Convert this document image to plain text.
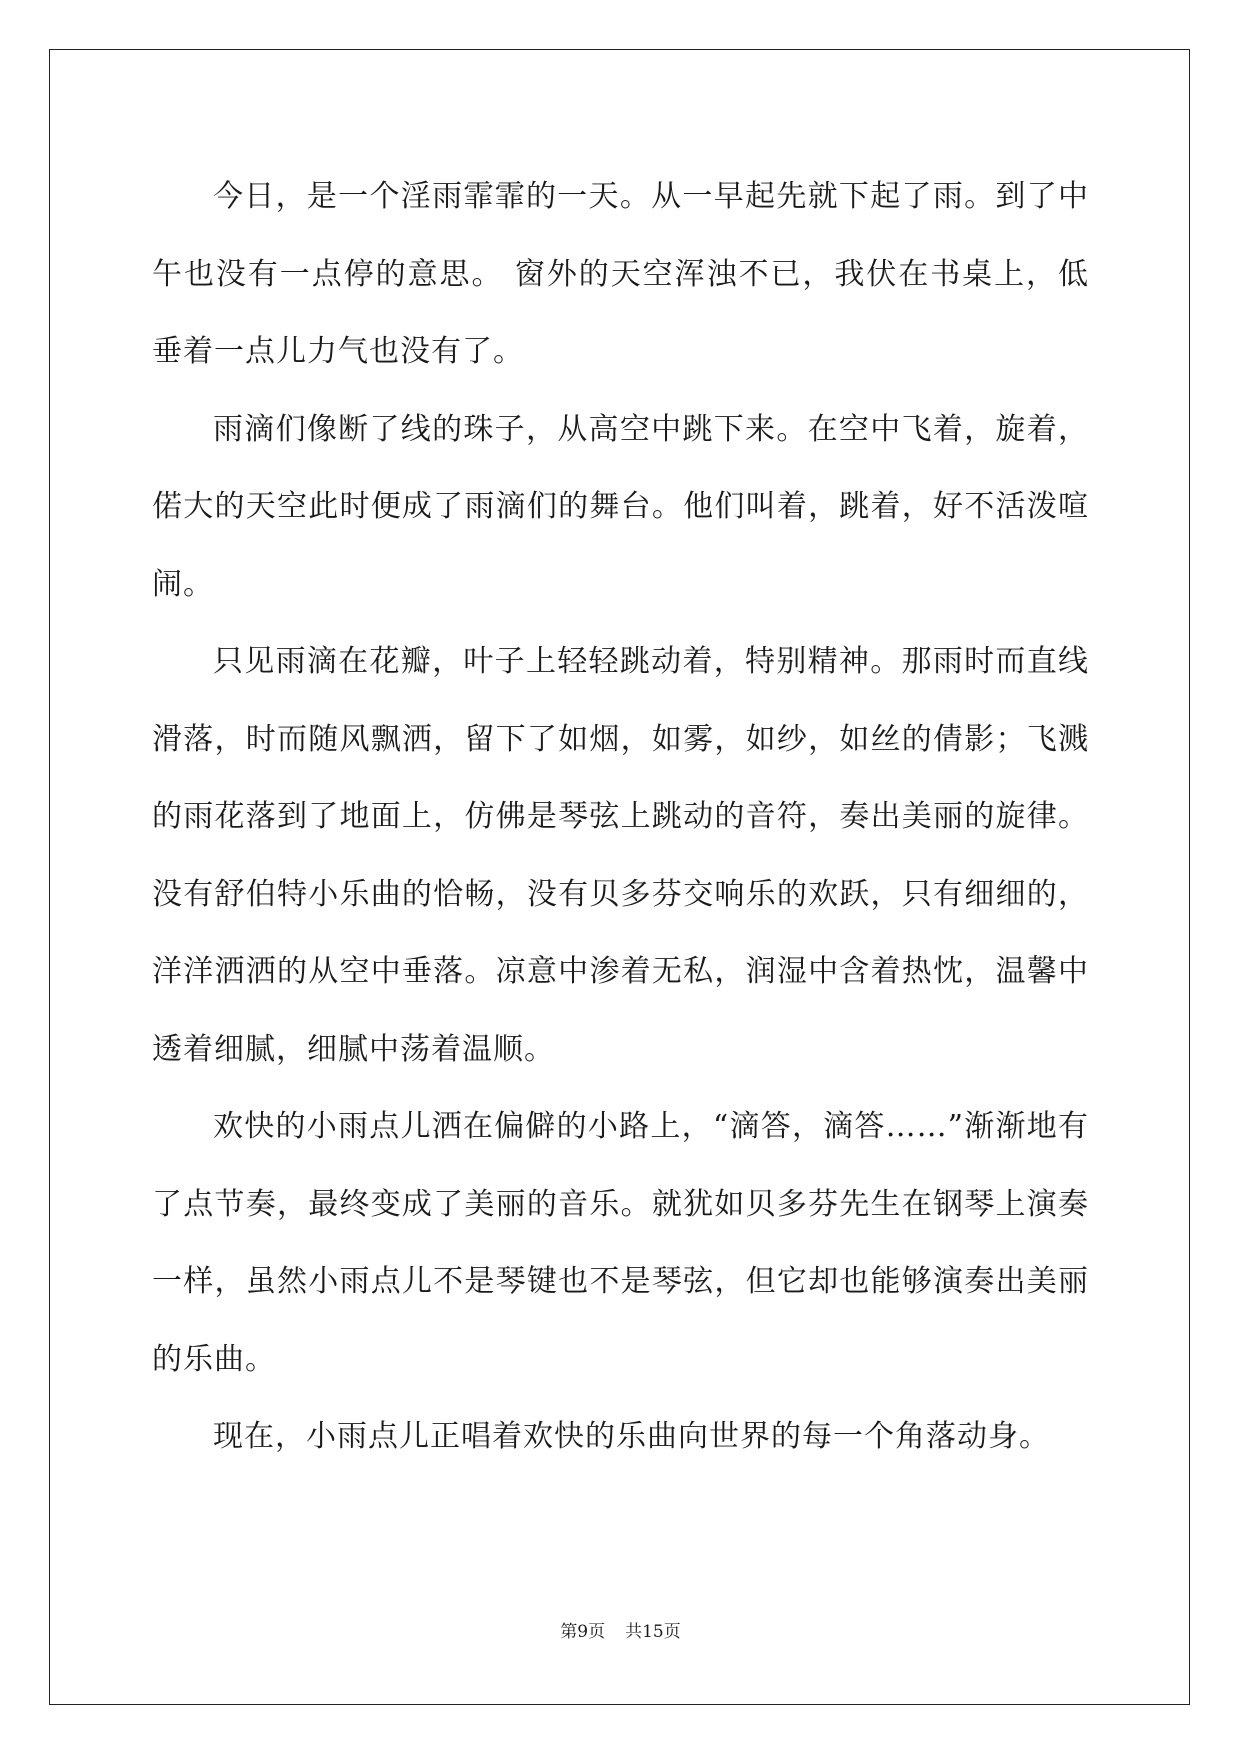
今日，是一个淫雨霏霏的一天。从一早起先就下起了雨。到了中午也没有一点停的意思。 窗外的天空浑浊不已，我伏在书桌上，低垂着一点儿力气也没有了。

雨滴们像断了线的珠子，从高空中跳下来。在空中飞着，旋着，偌大的天空此时便成了雨滴们的舞台。他们叫着，跳着，好不活泼喧闹。

只见雨滴在花瓣，叶子上轻轻跳动着，特别精神。那雨时而直线滑落，时而随风飘洒，留下了如烟，如雾，如纱，如丝的倩影；飞溅的雨花落到了地面上，仿佛是琴弦上跳动的音符，奏出美丽的旋律。没有舒伯特小乐曲的恰畅，没有贝多芬交响乐的欢跃，只有细细的，洋洋洒洒的从空中垂落。凉意中渗着无私，润湿中含着热忱，温馨中透着细腻，细腻中荡着温顺。

欢快的小雨点儿洒在偏僻的小路上，“滴答，滴答……”渐渐地有了点节奏，最终变成了美丽的音乐。就犹如贝多芬先生在钢琴上演奏一样，虽然小雨点儿不是琴键也不是琴弦，但它却也能够演奏出美丽的乐曲。

现在，小雨点儿正唱着欢快的乐曲向世界的每一个角落动身。

第9页 共15页
